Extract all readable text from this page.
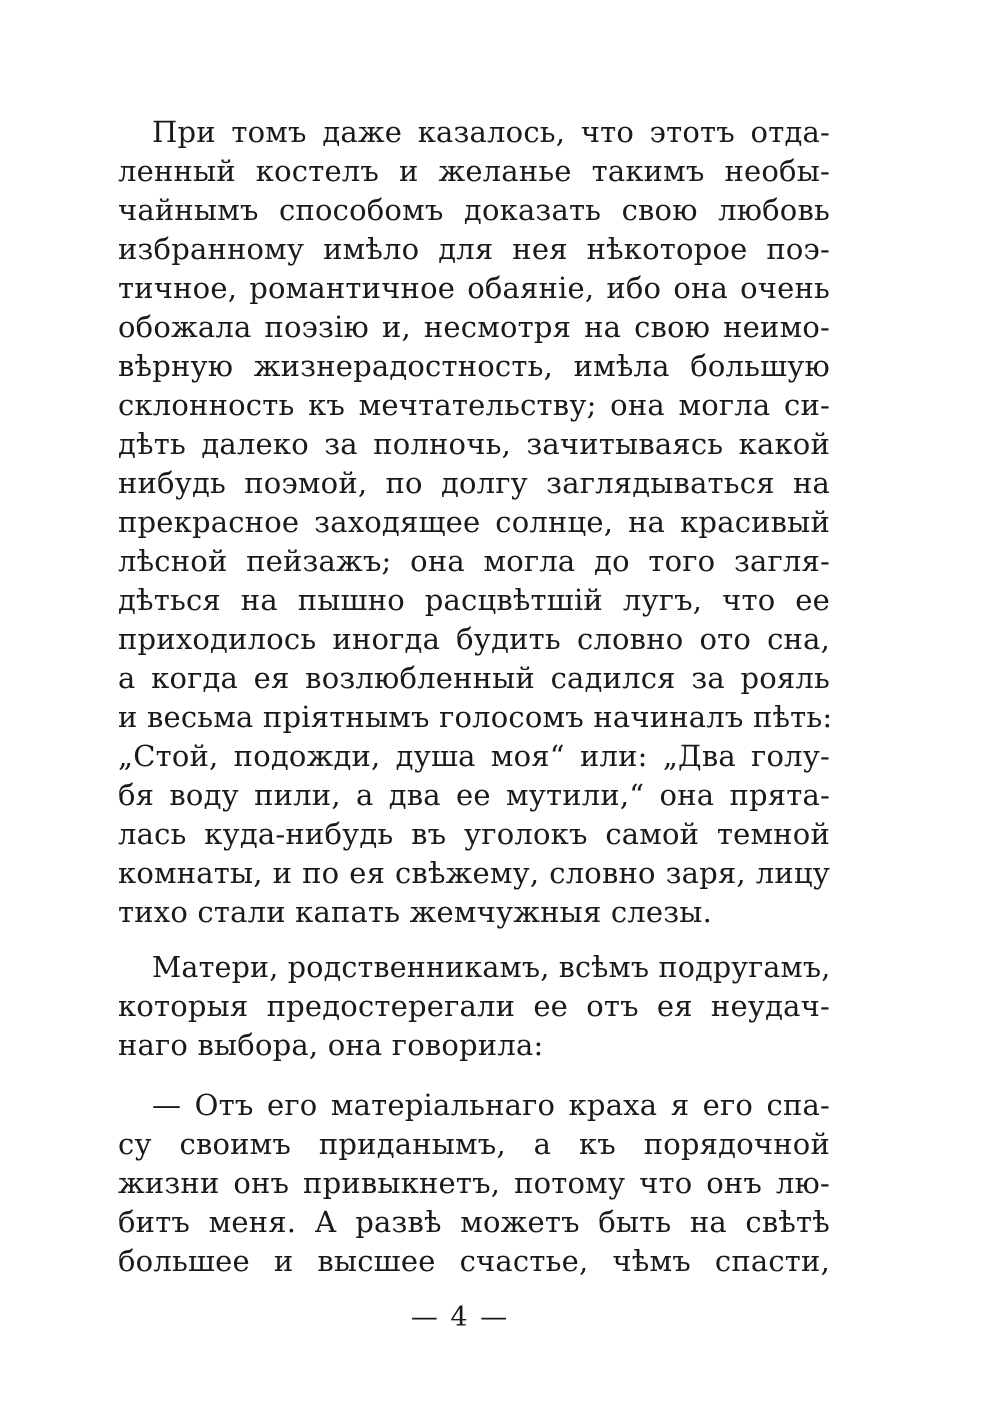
При томъ даже казалось, что этотъ отда-
ленный костелъ и желанье такимъ необы-
чайнымъ способомъ доказать свою любовь
избранному имѣло для нея нѣкоторое поэ-
тичное, романтичное обаяніе, ибо она очень
обожала поэзію и, несмотря на свою неимо-
вѣрную жизнерадостность, имѣла большую
склонность къ мечтательству; она могла си-
дѣть далеко за полночь, зачитываясь какой
нибудь поэмой, по долгу заглядываться на
прекрасное заходящее солнце, на красивый
лѣсной пейзажъ; она могла до того загля-
дѣться на пышно расцвѣтшій лугъ, что ее
приходилось иногда будить словно ото сна,
а когда ея возлюбленный садился за рояль
и весьма пріятнымъ голосомъ начиналъ пѣть:
„Стой, подожди, душа моя“ или: „Два голу-
бя воду пили, а два ее мутили,“ она прята-
лась куда-нибудь въ уголокъ самой темной
комнаты, и по ея свѣжему, словно заря, лицу
тихо стали капать жемчужныя слезы.
Матери, родственникамъ, всѣмъ подругамъ,
которыя предостерегали ее отъ ея неудач-
наго выбора, она говорила:
— Отъ его матеріальнаго краха я его спа-
су своимъ приданымъ, а къ порядочной
жизни онъ привыкнетъ, потому что онъ лю-
битъ меня. А развѣ можетъ быть на свѣтѣ
большее и высшее счастье, чѣмъ спасти,
— 4 —
